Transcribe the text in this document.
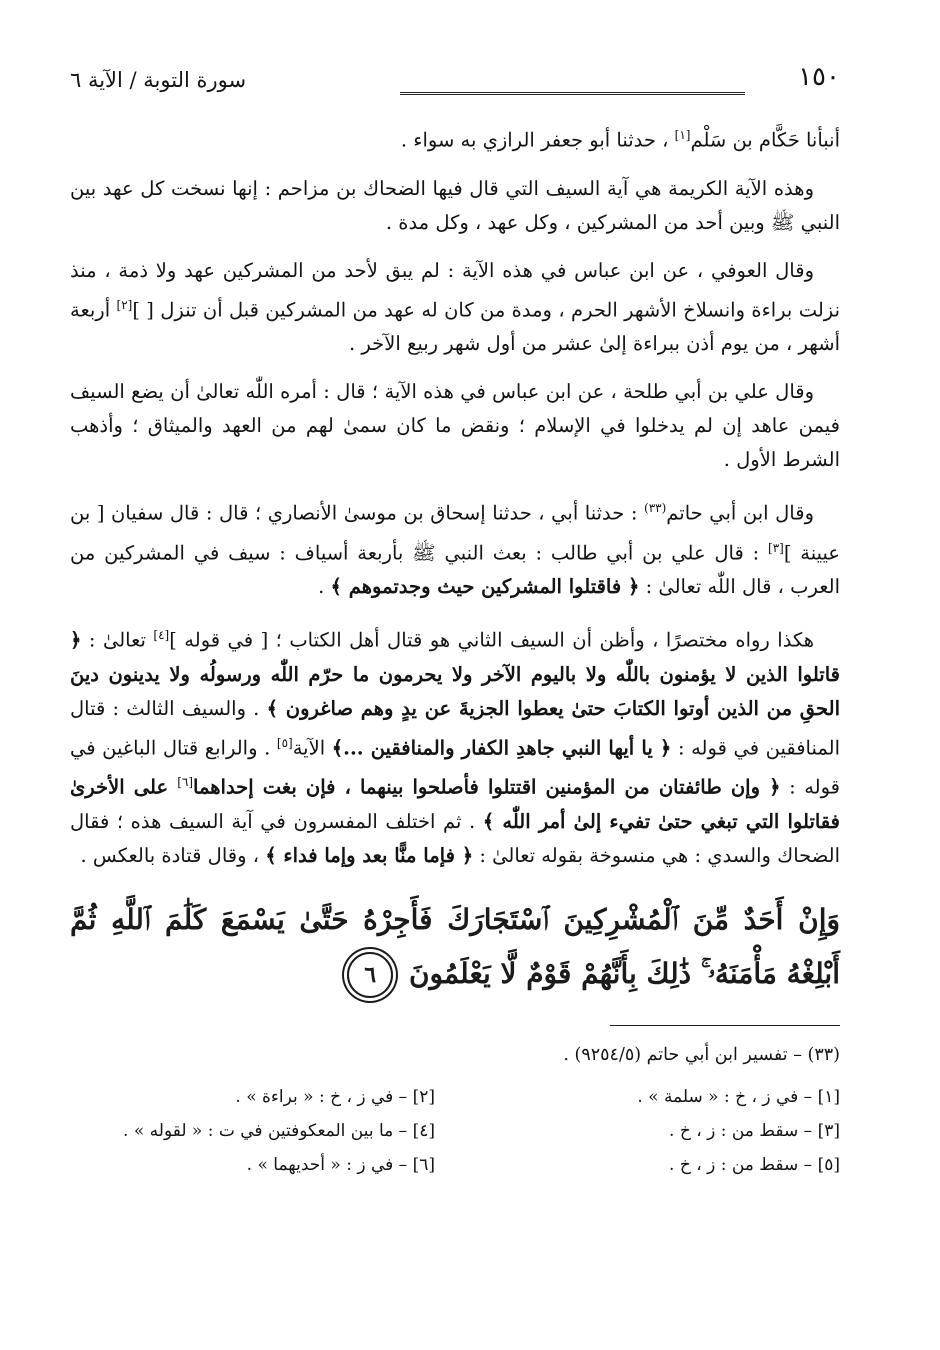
١٥٠
سورة التوبة / الآية ٦

أنبأنا حَكَّام بن سَلْم[١] ، حدثنا أبو جعفر الرازي به سواء .

وهذه الآية الكريمة هي آية السيف التي قال فيها الضحاك بن مزاحم : إنها نسخت كل عهد بين النبي ﷺ وبين أحد من المشركين ، وكل عهد ، وكل مدة .

وقال العوفي ، عن ابن عباس في هذه الآية : لم يبق لأحد من المشركين عهد ولا ذمة ، منذ نزلت براءة وانسلاخ الأشهر الحرم ، ومدة من كان له عهد من المشركين قبل أن تنزل [ ][٢] أربعة أشهر ، من يوم أذن ببراءة إلىٰ عشر من أول شهر ربيع الآخر .

وقال علي بن أبي طلحة ، عن ابن عباس في هذه الآية ؛ قال : أمره اللّٰه تعالىٰ أن يضع السيف فيمن عاهد إن لم يدخلوا في الإسلام ؛ ونقض ما كان سمىٰ لهم من العهد والميثاق ؛ وأذهب الشرط الأول .

وقال ابن أبي حاتم$^{(٣٣)}$ : حدثنا أبي ، حدثنا إسحاق بن موسىٰ الأنصاري ؛ قال : قال سفيان [ بن عيينة ][٣] : قال علي بن أبي طالب : بعث النبي ﷺ بأربعة أسياف : سيف في المشركين من العرب ، قال اللّٰه تعالىٰ : ﴿ فاقتلوا المشركين حيث وجدتموهم ﴾ .

هكذا رواه مختصرًا ، وأظن أن السيف الثاني هو قتال أهل الكتاب ؛ [ في قوله ][٤] تعالىٰ : ﴿ قاتلوا الذين لا يؤمنون باللّٰه ولا باليوم الآخر ولا يحرمون ما حرّم اللّٰه ورسولُه ولا يدينون دينَ الحقِ من الذين أوتوا الكتابَ حتىٰ يعطوا الجزيةَ عن يدٍ وهم صاغرون ﴾ . والسيف الثالث : قتال المنافقين في قوله : ﴿ يا أيها النبي جاهدِ الكفار والمنافقين ...﴾ الآية[٥] . والرابع قتال الباغين في قوله : ﴿ وإن طائفتان من المؤمنين اقتتلوا فأصلحوا بينهما ، فإن بغت إحداهما[٦] على الأخرىٰ فقاتلوا التي تبغي حتىٰ تفيء إلىٰ أمر اللّٰه ﴾ . ثم اختلف المفسرون في آية السيف هذه ؛ فقال الضحاك والسدي : هي منسوخة بقوله تعالىٰ : ﴿ فإما منًّا بعد وإما فداء ﴾ ، وقال قتادة بالعكس .

وَإِنْ أَحَدٌ مِّنَ ٱلْمُشْرِكِينَ ٱسْتَجَارَكَ فَأَجِرْهُ حَتَّىٰ يَسْمَعَ كَلَٰمَ ٱللَّهِ ثُمَّ أَبْلِغْهُ مَأْمَنَهُۥ ۚ ذَٰلِكَ بِأَنَّهُمْ قَوْمٌ لَّا يَعْلَمُونَ ٦
(٣٣) – تفسير ابن أبي حاتم (٩٢٥٤/٥) .
[١] – في ز ، خ : « سلمة » .
[٢] – في ز ، خ : « براءة » .
[٣] – سقط من : ز ، خ .
[٤] – ما بين المعكوفتين في ت : « لقوله » .
[٥] – سقط من : ز ، خ .
[٦] – في ز : « أحديهما » .
